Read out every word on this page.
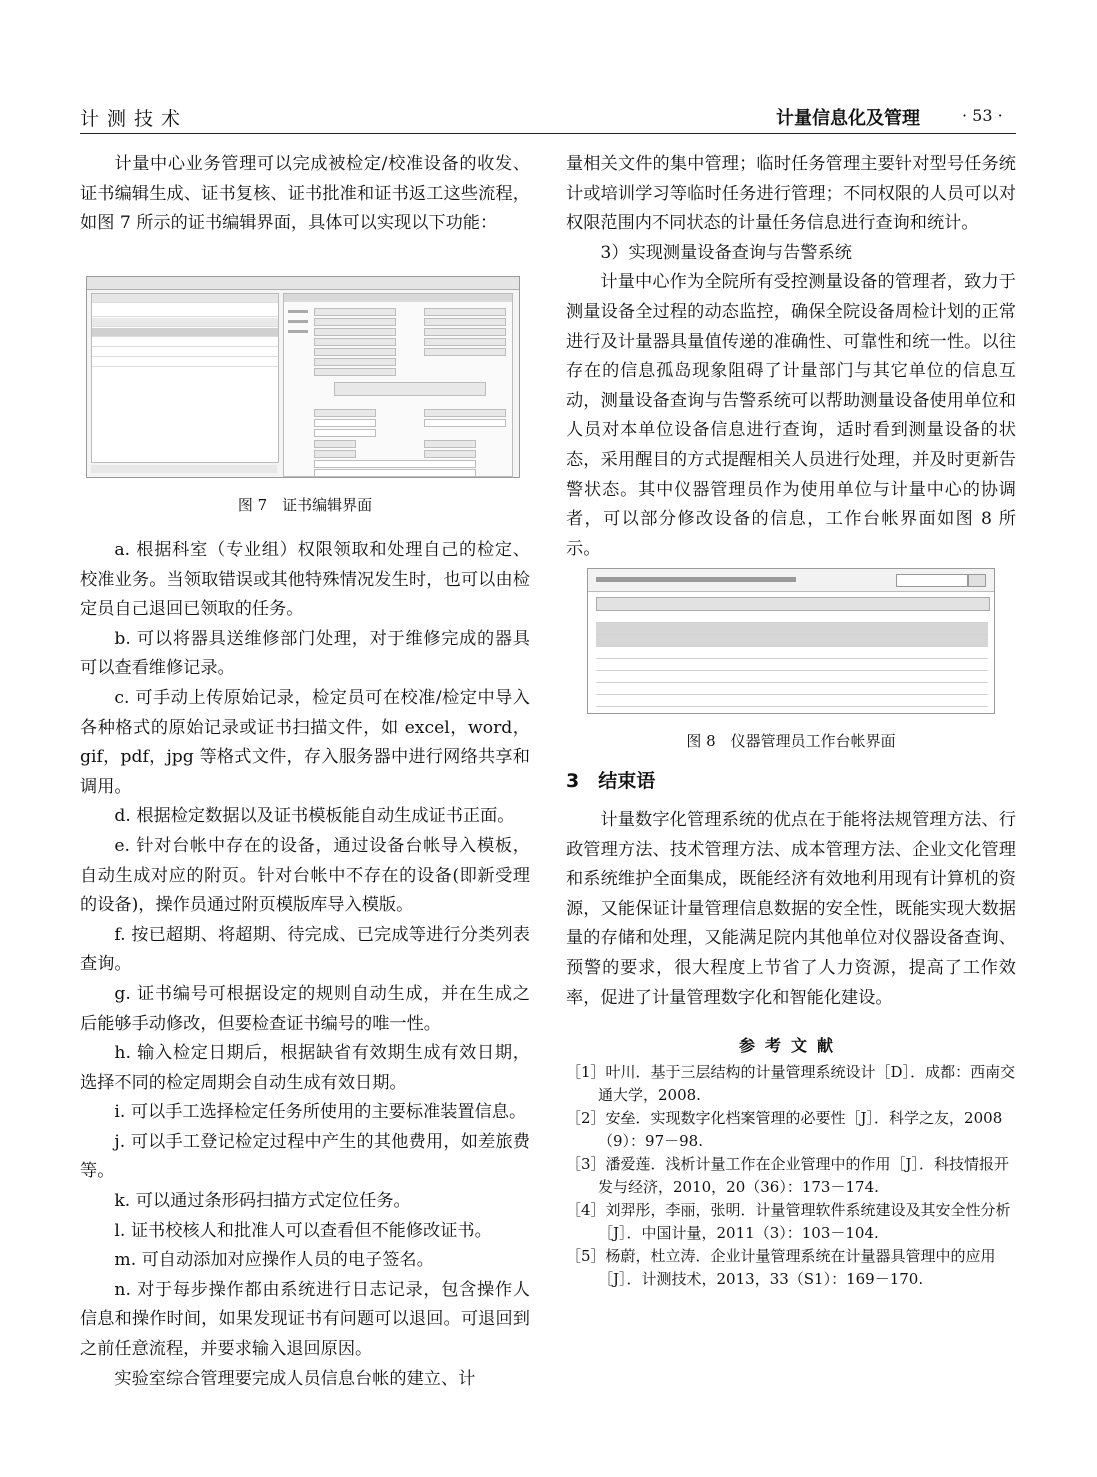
计测技术	计量信息化及管理	· 53 ·

计量中心业务管理可以完成被检定/校准设备的收发、证书编辑生成、证书复核、证书批准和证书返工这些流程，如图 7 所示的证书编辑界面，具体可以实现以下功能：

图 7　证书编辑界面

a. 根据科室（专业组）权限领取和处理自己的检定、校准业务。当领取错误或其他特殊情况发生时，也可以由检定员自己退回已领取的任务。

b. 可以将器具送维修部门处理，对于维修完成的器具可以查看维修记录。

c. 可手动上传原始记录，检定员可在校准/检定中导入各种格式的原始记录或证书扫描文件，如 excel，word，gif，pdf，jpg 等格式文件，存入服务器中进行网络共享和调用。

d. 根据检定数据以及证书模板能自动生成证书正面。

e. 针对台帐中存在的设备，通过设备台帐导入模板，自动生成对应的附页。针对台帐中不存在的设备(即新受理的设备)，操作员通过附页模版库导入模版。

f. 按已超期、将超期、待完成、已完成等进行分类列表查询。

g. 证书编号可根据设定的规则自动生成，并在生成之后能够手动修改，但要检查证书编号的唯一性。

h. 输入检定日期后，根据缺省有效期生成有效日期，选择不同的检定周期会自动生成有效日期。

i. 可以手工选择检定任务所使用的主要标准装置信息。

j. 可以手工登记检定过程中产生的其他费用，如差旅费等。

k. 可以通过条形码扫描方式定位任务。

l. 证书校核人和批准人可以查看但不能修改证书。

m. 可自动添加对应操作人员的电子签名。

n. 对于每步操作都由系统进行日志记录，包含操作人信息和操作时间，如果发现证书有问题可以退回。可退回到之前任意流程，并要求输入退回原因。

实验室综合管理要完成人员信息台帐的建立、计

量相关文件的集中管理；临时任务管理主要针对型号任务统计或培训学习等临时任务进行管理；不同权限的人员可以对权限范围内不同状态的计量任务信息进行查询和统计。

3）实现测量设备查询与告警系统

计量中心作为全院所有受控测量设备的管理者，致力于测量设备全过程的动态监控，确保全院设备周检计划的正常进行及计量器具量值传递的准确性、可靠性和统一性。以往存在的信息孤岛现象阻碍了计量部门与其它单位的信息互动，测量设备查询与告警系统可以帮助测量设备使用单位和人员对本单位设备信息进行查询，适时看到测量设备的状态，采用醒目的方式提醒相关人员进行处理，并及时更新告警状态。其中仪器管理员作为使用单位与计量中心的协调者，可以部分修改设备的信息，工作台帐界面如图 8 所示。

图 8　仪器管理员工作台帐界面

3　结束语

计量数字化管理系统的优点在于能将法规管理方法、行政管理方法、技术管理方法、成本管理方法、企业文化管理和系统维护全面集成，既能经济有效地利用现有计算机的资源，又能保证计量管理信息数据的安全性，既能实现大数据量的存储和处理，又能满足院内其他单位对仪器设备查询、预警的要求，很大程度上节省了人力资源，提高了工作效率，促进了计量管理数字化和智能化建设。

参考文献

［1］叶川．基于三层结构的计量管理系统设计［D］．成都：西南交通大学，2008.

［2］安垒．实现数字化档案管理的必要性［J］．科学之友，2008（9）：97－98.

［3］潘爱莲．浅析计量工作在企业管理中的作用［J］．科技情报开发与经济，2010，20（36）：173－174.

［4］刘羿彤，李丽，张明．计量管理软件系统建设及其安全性分析［J］．中国计量，2011（3）：103－104.

［5］杨蔚，杜立涛．企业计量管理系统在计量器具管理中的应用［J］．计测技术，2013，33（S1）：169－170.
